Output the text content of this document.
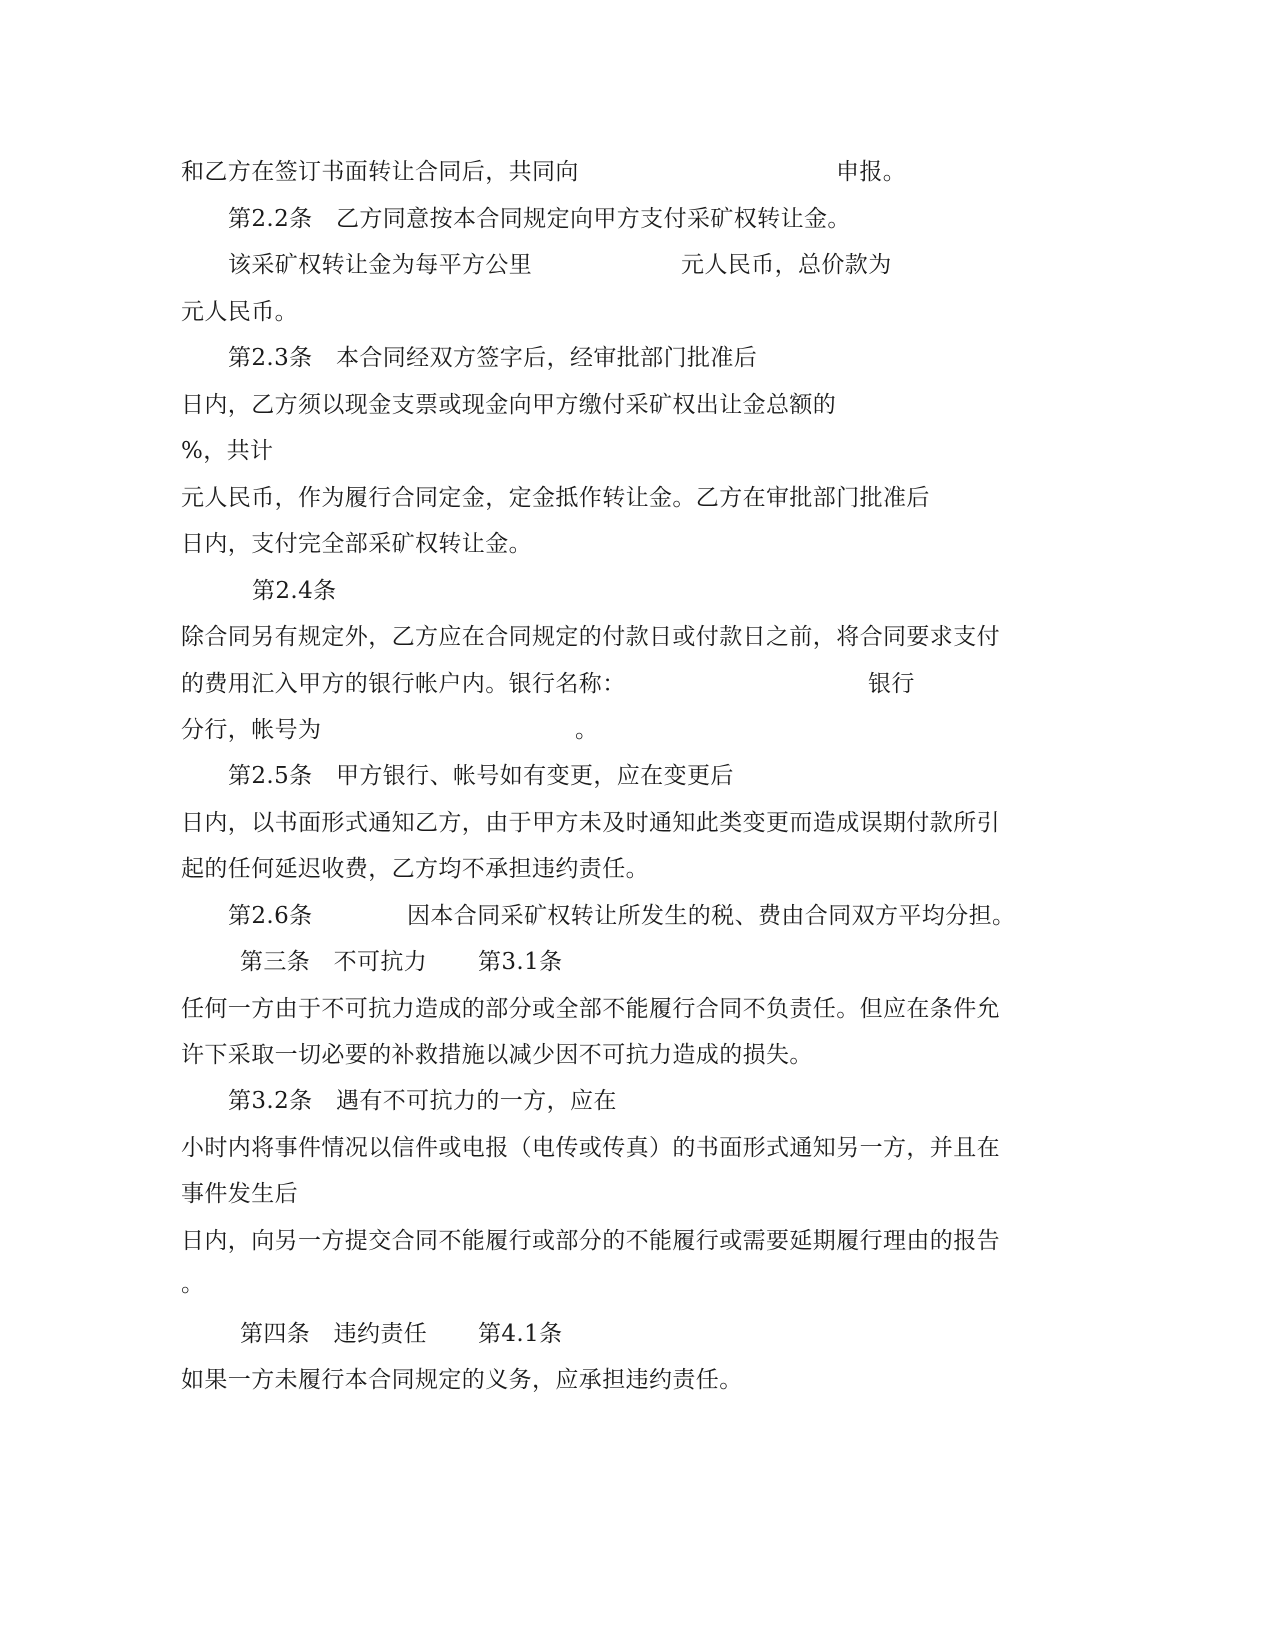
和乙方在签订书面转让合同后，共同向	申报。
第2.2条　乙方同意按本合同规定向甲方支付采矿权转让金。
该采矿权转让金为每平方公里	元人民币，总价款为
元人民币。
第2.3条　本合同经双方签字后，经审批部门批准后
日内，乙方须以现金支票或现金向甲方缴付采矿权出让金总额的
%，共计
元人民币，作为履行合同定金，定金抵作转让金。乙方在审批部门批准后
日内，支付完全部采矿权转让金。
第2.4条
除合同另有规定外，乙方应在合同规定的付款日或付款日之前，将合同要求支付
的费用汇入甲方的银行帐户内。银行名称：	银行
分行，帐号为	。
第2.5条　甲方银行、帐号如有变更，应在变更后
日内，以书面形式通知乙方，由于甲方未及时通知此类变更而造成误期付款所引
起的任何延迟收费，乙方均不承担违约责任。
第2.6条	因本合同采矿权转让所发生的税、费由合同双方平均分担。
第三条　不可抗力 第3.1条
任何一方由于不可抗力造成的部分或全部不能履行合同不负责任。但应在条件允
许下采取一切必要的补救措施以减少因不可抗力造成的损失。
第3.2条　遇有不可抗力的一方，应在
小时内将事件情况以信件或电报（电传或传真）的书面形式通知另一方，并且在
事件发生后
日内，向另一方提交合同不能履行或部分的不能履行或需要延期履行理由的报告
。
第四条　违约责任 第4.1条
如果一方未履行本合同规定的义务，应承担违约责任。
